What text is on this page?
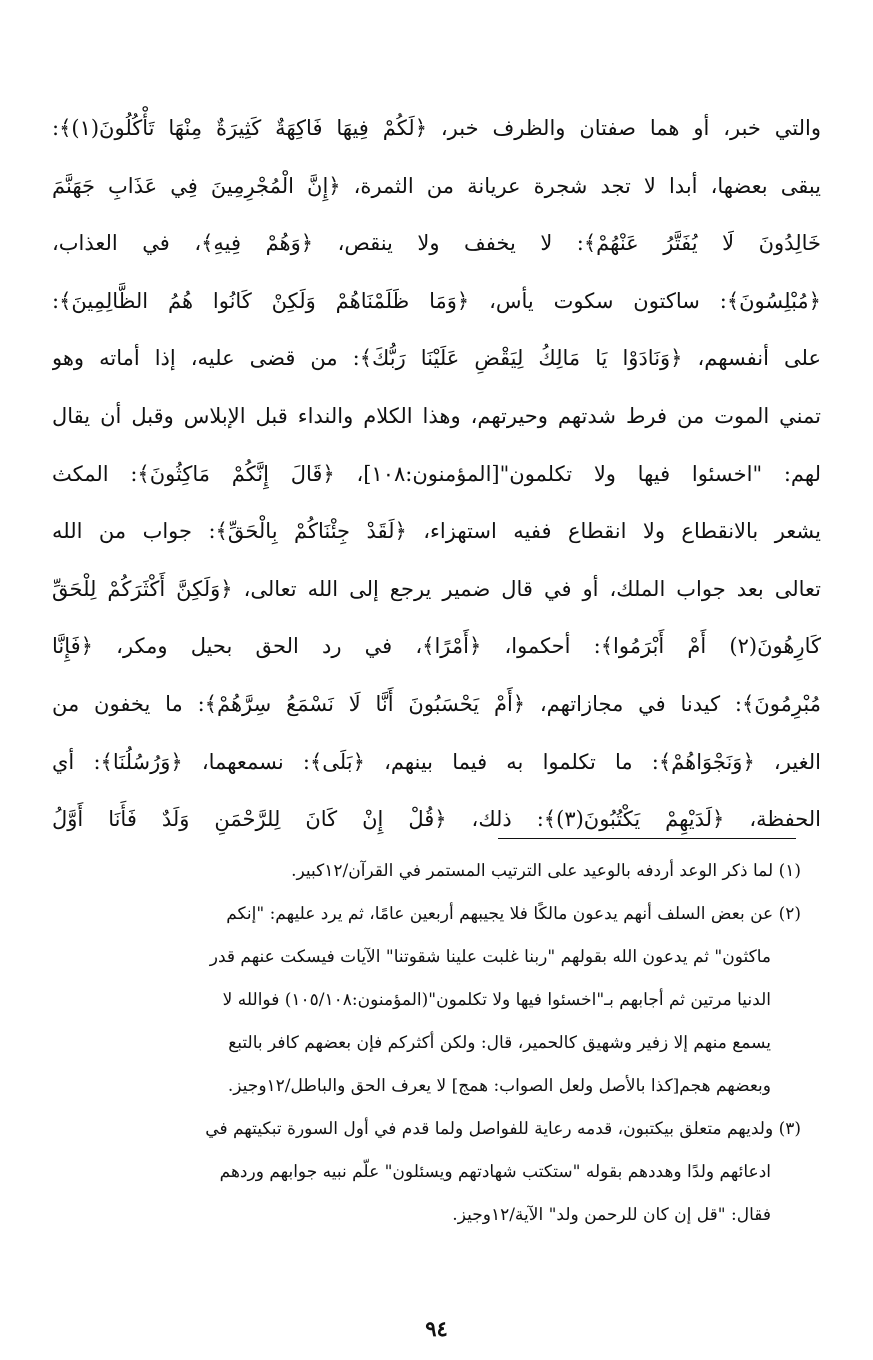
والتي خبر، أو هما صفتان والظرف خبر، ﴿لَكُمْ فِيهَا فَاكِهَةٌ كَثِيرَةٌ مِنْهَا تَأْكُلُونَ(١)﴾:
يبقى بعضها، أبدا لا تجد شجرة عريانة من الثمرة، ﴿إِنَّ الْمُجْرِمِينَ فِي عَذَابِ جَهَنَّمَ
خَالِدُونَ لَا يُفَتَّرُ عَنْهُمْ﴾: لا يخفف ولا ينقص، ﴿وَهُمْ فِيهِ﴾، في العذاب،
﴿مُبْلِسُونَ﴾: ساكتون سكوت يأس، ﴿وَمَا ظَلَمْنَاهُمْ وَلَكِنْ كَانُوا هُمُ الظَّالِمِينَ﴾:
على أنفسهم، ﴿وَنَادَوْا يَا مَالِكُ لِيَقْضِ عَلَيْنَا رَبُّكَ﴾: من قضى عليه، إذا أماته وهو
تمني الموت من فرط شدتهم وحيرتهم، وهذا الكلام والنداء قبل الإبلاس وقبل أن يقال
لهم: "اخسئوا فيها ولا تكلمون"[المؤمنون:١٠٨]، ﴿قَالَ إِنَّكُمْ مَاكِثُونَ﴾: المكث
يشعر بالانقطاع ولا انقطاع ففيه استهزاء، ﴿لَقَدْ جِئْنَاكُمْ بِالْحَقِّ﴾: جواب من الله
تعالى بعد جواب الملك، أو في قال ضمير يرجع إلى الله تعالى، ﴿وَلَكِنَّ أَكْثَرَكُمْ لِلْحَقِّ
كَارِهُونَ(٢) أَمْ أَبْرَمُوا﴾: أحكموا، ﴿أَمْرًا﴾، في رد الحق بحيل ومكر، ﴿فَإِنَّا
مُبْرِمُونَ﴾: كيدنا في مجازاتهم، ﴿أَمْ يَحْسَبُونَ أَنَّا لَا نَسْمَعُ سِرَّهُمْ﴾: ما يخفون من
الغير، ﴿وَنَجْوَاهُمْ﴾: ما تكلموا به فيما بينهم، ﴿بَلَى﴾: نسمعهما، ﴿وَرُسُلُنَا﴾: أي
الحفظة، ﴿لَدَيْهِمْ يَكْتُبُونَ(٣)﴾: ذلك، ﴿قُلْ إِنْ كَانَ لِلرَّحْمَنِ وَلَدٌ فَأَنَا أَوَّلُ
(١) لما ذكر الوعد أردفه بالوعيد على الترتيب المستمر في القرآن/١٢كبير.
(٢) عن بعض السلف أنهم يدعون مالكًا فلا يجيبهم أربعين عامًا، ثم يرد عليهم: "إنكم
ماكثون" ثم يدعون الله بقولهم "ربنا غلبت علينا شقوتنا" الآيات فيسكت عنهم قدر
الدنيا مرتين ثم أجابهم بـ"اخسئوا فيها ولا تكلمون"(المؤمنون:١٠٥/١٠٨) فوالله لا
يسمع منهم إلا زفير وشهيق كالحمير، قال: ولكن أكثركم فإن بعضهم كافر بالتبع
وبعضهم هجم[كذا بالأصل ولعل الصواب: همج] لا يعرف الحق والباطل/١٢وجيز.
(٣) ولديهم متعلق بيكتبون، قدمه رعاية للفواصل ولما قدم في أول السورة تبكيتهم في
ادعائهم ولدًا وهددهم بقوله "ستكتب شهادتهم ويسئلون" علّم نبيه جوابهم وردهم
فقال: "قل إن كان للرحمن ولد" الآية/١٢وجيز.
٩٤
